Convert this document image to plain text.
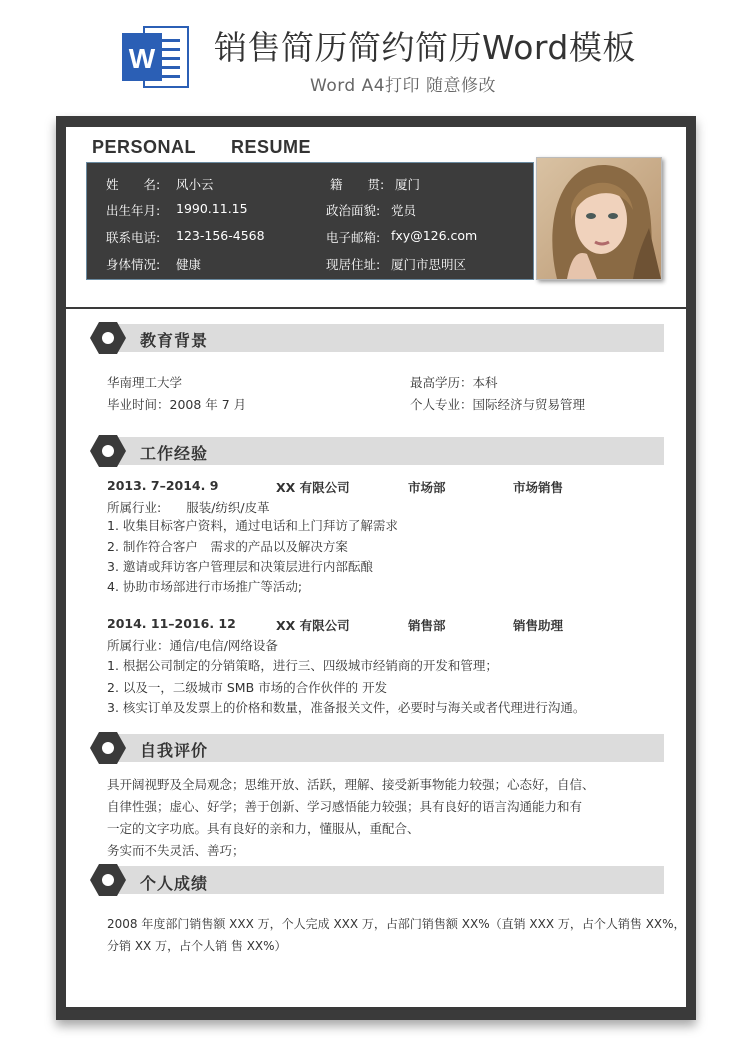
W 销售简历简约简历Word模板
Word A4打印 随意修改
PERSONAL RESUME
姓　　名: 风小云	籍　　贯: 厦门
出生年月: 1990.11.15	政治面貌: 党员
联系电话: 123-156-4568	电子邮箱: fxy@126.com
身体情况: 健康	现居住址: 厦门市思明区
教育背景
华南理工大学	最高学历：本科
毕业时间：2008 年 7 月	个人专业：国际经济与贸易管理
工作经验
2013. 7–2014. 9	XX 有限公司	市场部	市场销售
所属行业:　　服装/纺织/皮革
1. 收集目标客户资料，通过电话和上门拜访了解需求
2. 制作符合客户　需求的产品以及解决方案
3. 邀请或拜访客户管理层和决策层进行内部酝酿
4. 协助市场部进行市场推广等活动;
2014. 11–2016. 12	XX 有限公司	销售部	销售助理
所属行业：通信/电信/网络设备
1. 根据公司制定的分销策略，进行三、四级城市经销商的开发和管理；
2. 以及一，二级城市 SMB 市场的合作伙伴的 开发
3. 核实订单及发票上的价格和数量，准备报关文件，必要时与海关或者代理进行沟通。
自我评价
具开阔视野及全局观念；思维开放、活跃，理解、接受新事物能力较强；心态好，自信、
自律性强；虚心、好学；善于创新、学习感悟能力较强；具有良好的语言沟通能力和有
一定的文字功底。具有良好的亲和力，懂服从，重配合、
务实而不失灵活、善巧；
个人成绩
2008 年度部门销售额 XXX 万，个人完成 XXX 万，占部门销售额 XX%（直销 XXX 万，占个人销售 XX%，
分销 XX 万，占个人销 售 XX%）
